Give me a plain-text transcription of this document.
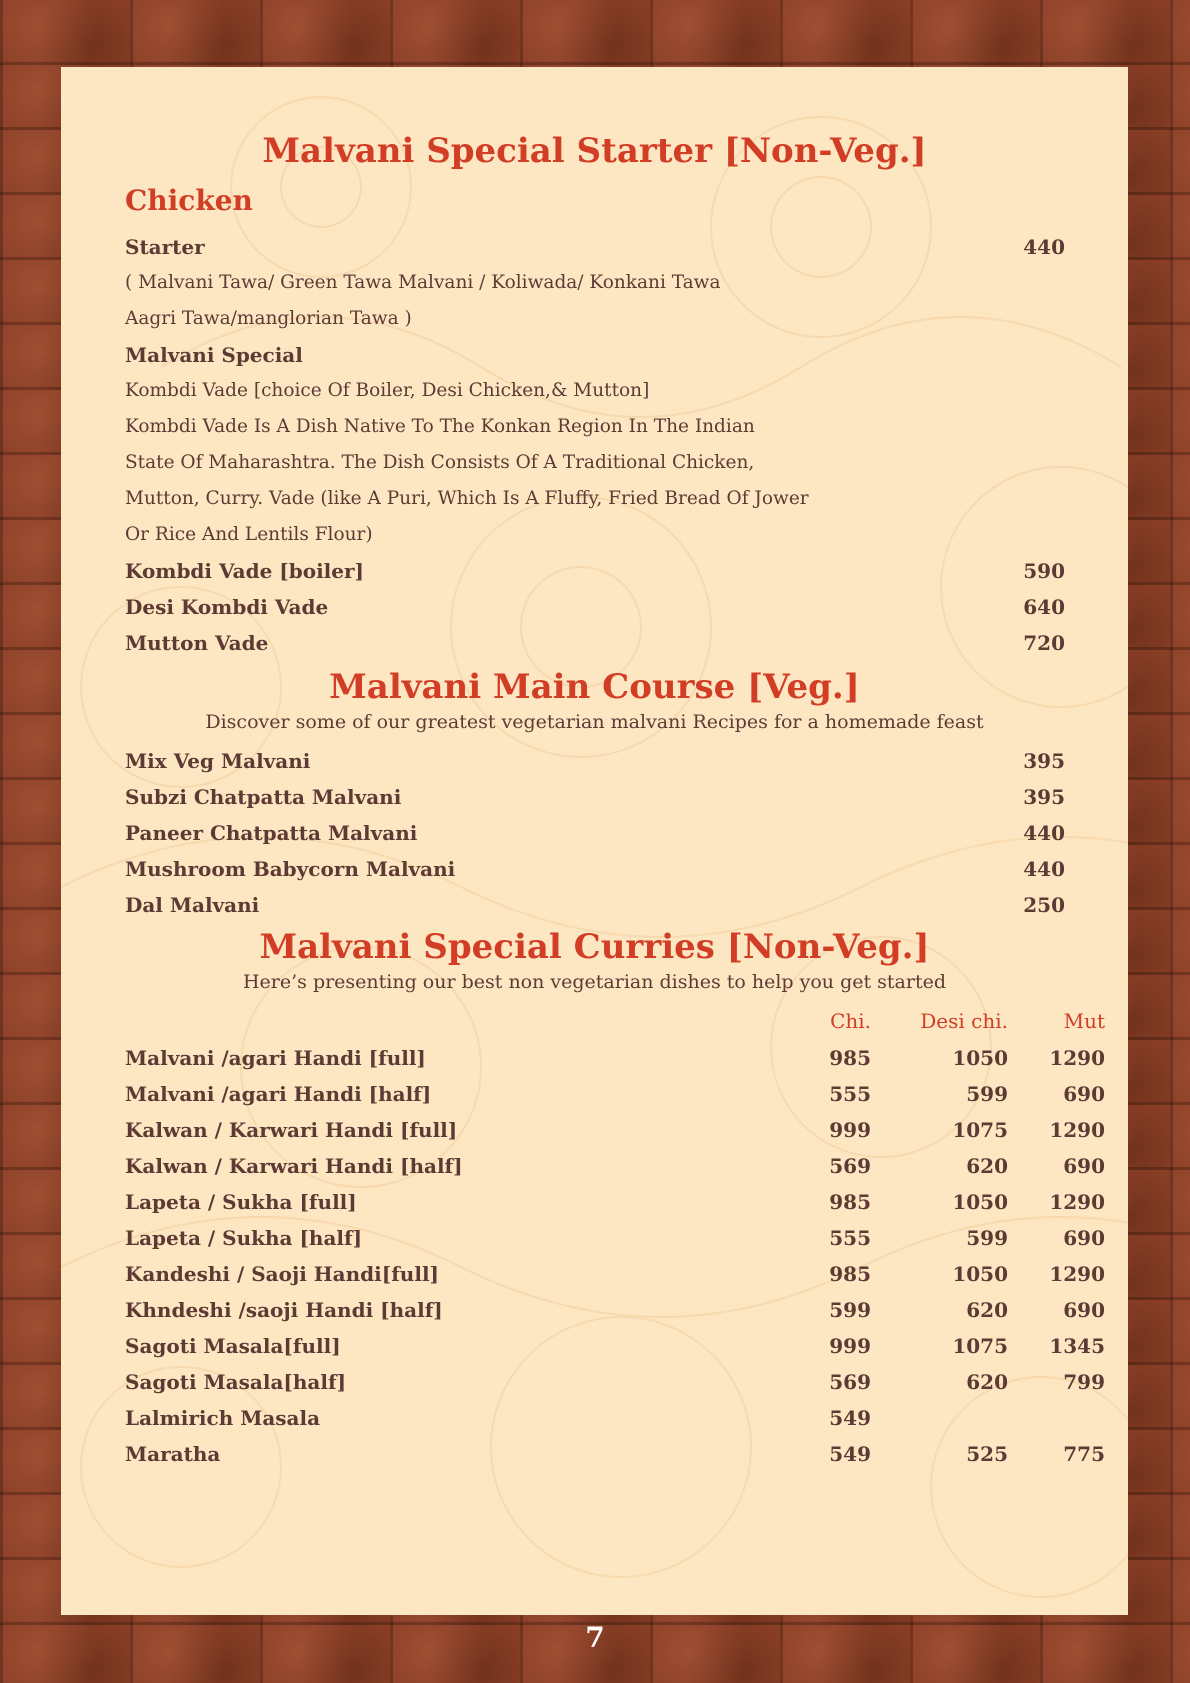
Malvani Special Starter [Non-Veg.]
Chicken
Starter	440
( Malvani Tawa/ Green Tawa Malvani / Koliwada/ Konkani Tawa
Aagri Tawa/manglorian Tawa )
Malvani Special
Kombdi Vade [choice Of Boiler, Desi Chicken,& Mutton]
Kombdi Vade Is A Dish Native To The Konkan Region In The Indian
State Of Maharashtra. The Dish Consists Of A Traditional Chicken,
Mutton, Curry. Vade (like A Puri, Which Is A Fluffy, Fried Bread Of Jower
Or Rice And Lentils Flour)
Kombdi Vade [boiler]	590
Desi Kombdi Vade	640
Mutton Vade	720
Malvani Main Course [Veg.]
Discover some of our greatest vegetarian malvani Recipes for a homemade feast
Mix Veg Malvani	395
Subzi Chatpatta Malvani	395
Paneer Chatpatta Malvani	440
Mushroom Babycorn Malvani	440
Dal Malvani	250
Malvani Special Curries [Non-Veg.]
Here’s presenting our best non vegetarian dishes to help you get started
Chi.	Desi chi.	Mut
Malvani /agari Handi [full]	985	1050	1290
Malvani /agari Handi [half]	555	599	690
Kalwan / Karwari Handi [full]	999	1075	1290
Kalwan / Karwari Handi [half]	569	620	690
Lapeta / Sukha [full]	985	1050	1290
Lapeta / Sukha [half]	555	599	690
Kandeshi / Saoji Handi[full]	985	1050	1290
Khndeshi /saoji Handi [half]	599	620	690
Sagoti Masala[full]	999	1075	1345
Sagoti Masala[half]	569	620	799
Lalmirich Masala	549
Maratha	549	525	775
7
